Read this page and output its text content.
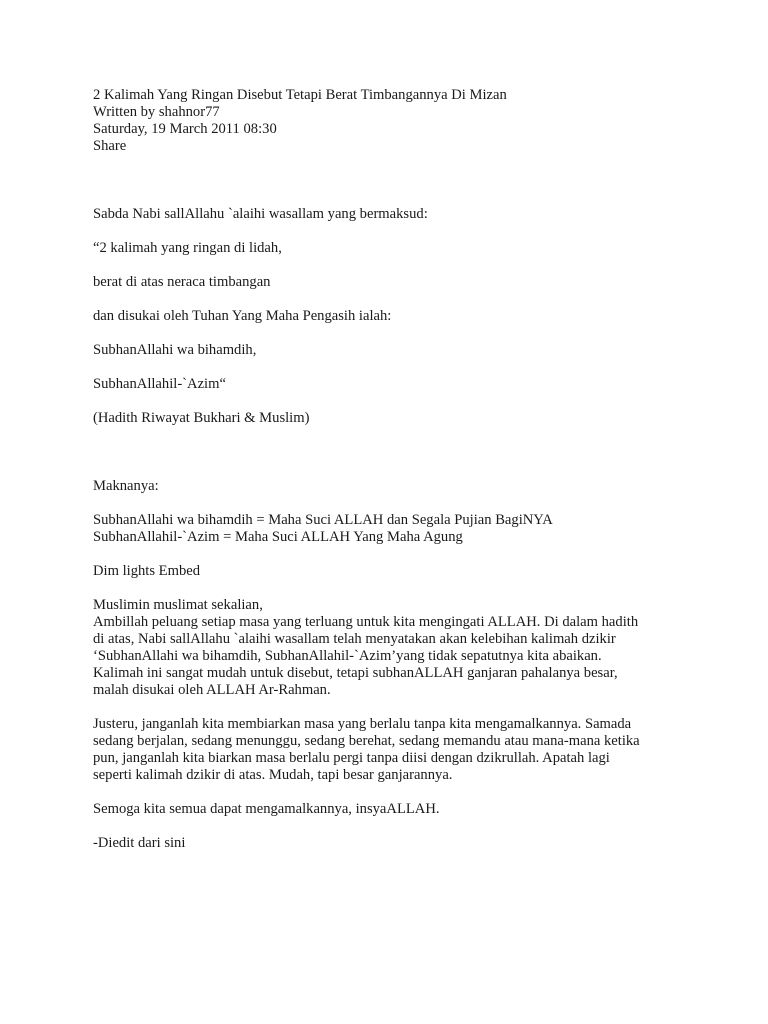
2 Kalimah Yang Ringan Disebut Tetapi Berat Timbangannya Di Mizan
Written by shahnor77
Saturday, 19 March 2011 08:30
Share
Sabda Nabi sallAllahu `alaihi wasallam yang bermaksud:
“2 kalimah yang ringan di lidah,
berat di atas neraca timbangan
dan disukai oleh Tuhan Yang Maha Pengasih ialah:
SubhanAllahi wa bihamdih,
SubhanAllahil-`Azim“
(Hadith Riwayat Bukhari & Muslim)
Maknanya:
SubhanAllahi wa bihamdih = Maha Suci ALLAH dan Segala Pujian BagiNYA
SubhanAllahil-`Azim = Maha Suci ALLAH Yang Maha Agung
Dim lights Embed
Muslimin muslimat sekalian,
Ambillah peluang setiap masa yang terluang untuk kita mengingati ALLAH. Di dalam hadith
di atas, Nabi sallAllahu `alaihi wasallam telah menyatakan akan kelebihan kalimah dzikir
‘SubhanAllahi wa bihamdih, SubhanAllahil-`Azim’yang tidak sepatutnya kita abaikan.
Kalimah ini sangat mudah untuk disebut, tetapi subhanALLAH ganjaran pahalanya besar,
malah disukai oleh ALLAH Ar-Rahman.
Justeru, janganlah kita membiarkan masa yang berlalu tanpa kita mengamalkannya. Samada
sedang berjalan, sedang menunggu, sedang berehat, sedang memandu atau mana-mana ketika
pun, janganlah kita biarkan masa berlalu pergi tanpa diisi dengan dzikrullah. Apatah lagi
seperti kalimah dzikir di atas. Mudah, tapi besar ganjarannya.
Semoga kita semua dapat mengamalkannya, insyaALLAH.
-Diedit dari sini
